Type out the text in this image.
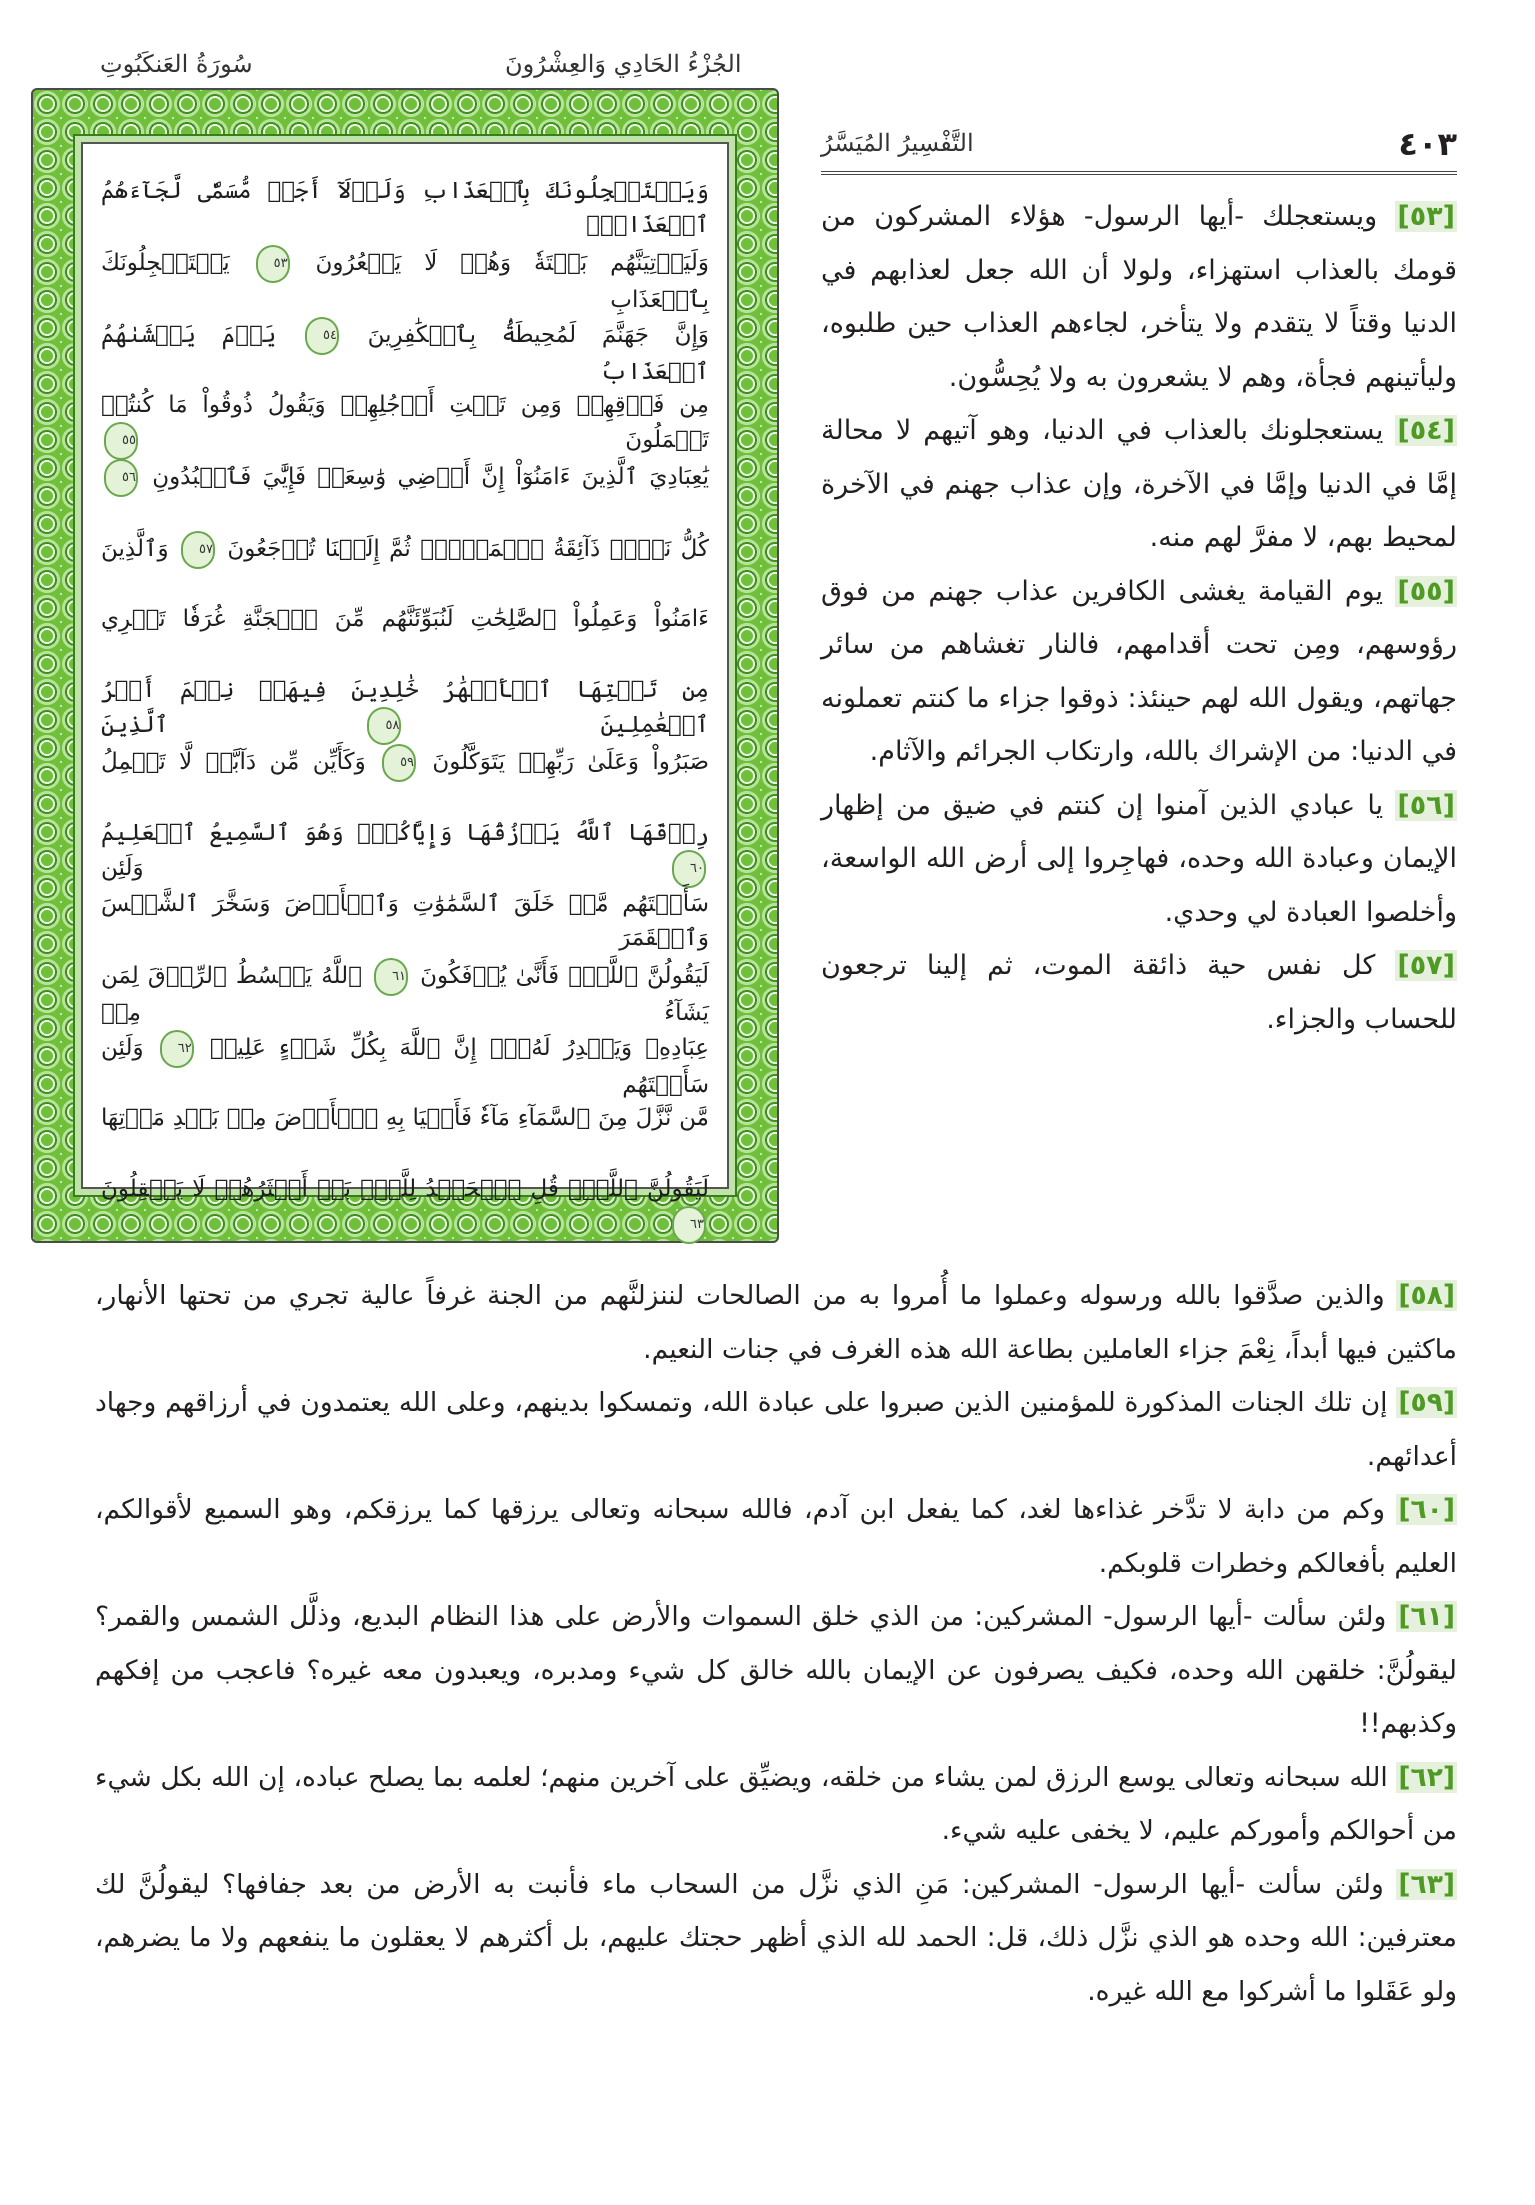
الجُزْءُ الحَادِي وَالعِشْرُونَ
سُورَةُ العَنكَبُوتِ
وَيَسۡتَعۡجِلُونَكَ بِٱلۡعَذَابِ وَلَوۡلَآ أَجَلٞ مُّسَمّٗى لَّجَآءَهُمُ ٱلۡعَذَابُۚ
وَلَيَأۡتِيَنَّهُم بَغۡتَةٗ وَهُمۡ لَا يَشۡعُرُونَ ٥٣ يَسۡتَعۡجِلُونَكَ بِٱلۡعَذَابِ
وَإِنَّ جَهَنَّمَ لَمُحِيطَةُۢ بِٱلۡكَٰفِرِينَ ٥٤ يَوۡمَ يَغۡشَىٰهُمُ ٱلۡعَذَابُ
مِن فَوۡقِهِمۡ وَمِن تَحۡتِ أَرۡجُلِهِمۡ وَيَقُولُ ذُوقُواْ مَا كُنتُمۡ تَعۡمَلُونَ ٥٥
يَٰعِبَادِيَ ٱلَّذِينَ ءَامَنُوٓاْ إِنَّ أَرۡضِي وَٰسِعَةٞ فَإِيَّٰيَ فَٱعۡبُدُونِ ٥٦
كُلُّ نَفۡسٖ ذَآئِقَةُ ٱلۡمَوۡتِۖ ثُمَّ إِلَيۡنَا تُرۡجَعُونَ ٥٧ وَٱلَّذِينَ
ءَامَنُواْ وَعَمِلُواْ ٱلصَّٰلِحَٰتِ لَنُبَوِّئَنَّهُم مِّنَ ٱلۡجَنَّةِ غُرَفٗا تَجۡرِي
مِن تَحۡتِهَا ٱلۡأَنۡهَٰرُ خَٰلِدِينَ فِيهَاۚ نِعۡمَ أَجۡرُ ٱلۡعَٰمِلِينَ ٥٨ ٱلَّذِينَ
صَبَرُواْ وَعَلَىٰ رَبِّهِمۡ يَتَوَكَّلُونَ ٥٩ وَكَأَيِّن مِّن دَآبَّةٖ لَّا تَحۡمِلُ
رِزۡقَهَا ٱللَّهُ يَرۡزُقُهَا وَإِيَّاكُمۡۚ وَهُوَ ٱلسَّمِيعُ ٱلۡعَلِيمُ ٦٠ وَلَئِن
سَأَلۡتَهُم مَّنۡ خَلَقَ ٱلسَّمَٰوَٰتِ وَٱلۡأَرۡضَ وَسَخَّرَ ٱلشَّمۡسَ وَٱلۡقَمَرَ
لَيَقُولُنَّ ٱللَّهُۖ فَأَنَّىٰ يُؤۡفَكُونَ ٦١ ٱللَّهُ يَبۡسُطُ ٱلرِّزۡقَ لِمَن يَشَآءُ مِنۡ
عِبَادِهِۦ وَيَقۡدِرُ لَهُۥٓۚ إِنَّ ٱللَّهَ بِكُلِّ شَيۡءٍ عَلِيمٞ ٦٢ وَلَئِن سَأَلۡتَهُم
مَّن نَّزَّلَ مِنَ ٱلسَّمَآءِ مَآءٗ فَأَحۡيَا بِهِ ٱلۡأَرۡضَ مِنۢ بَعۡدِ مَوۡتِهَا
لَيَقُولُنَّ ٱللَّهُۚ قُلِ ٱلۡحَمۡدُ لِلَّهِۚ بَلۡ أَكۡثَرُهُمۡ لَا يَعۡقِلُونَ ٦٣
٤٠٣
التَّفْسِيرُ المُيَسَّرُ

[٥٣] ويستعجلك -أيها الرسول- هؤلاء المشركون من قومك بالعذاب استهزاء، ولولا أن الله جعل لعذابهم في الدنيا وقتاً لا يتقدم ولا يتأخر، لجاءهم العذاب حين طلبوه، وليأتينهم فجأة، وهم لا يشعرون به ولا يُحِسُّون.

[٥٤] يستعجلونك بالعذاب في الدنيا، وهو آتيهم لا محالة إمَّا في الدنيا وإمَّا في الآخرة، وإن عذاب جهنم في الآخرة لمحيط بهم، لا مفرَّ لهم منه.

[٥٥] يوم القيامة يغشى الكافرين عذاب جهنم من فوق رؤوسهم، ومِن تحت أقدامهم، فالنار تغشاهم من سائر جهاتهم، ويقول الله لهم حينئذ: ذوقوا جزاء ما كنتم تعملونه في الدنيا: من الإشراك بالله، وارتكاب الجرائم والآثام.

[٥٦] يا عبادي الذين آمنوا إن كنتم في ضيق من إظهار الإيمان وعبادة الله وحده، فهاجِروا إلى أرض الله الواسعة، وأخلصوا العبادة لي وحدي.

[٥٧] كل نفس حية ذائقة الموت، ثم إلينا ترجعون للحساب والجزاء.

[٥٨] والذين صدَّقوا بالله ورسوله وعملوا ما أُمروا به من الصالحات لننزلنَّهم من الجنة غرفاً عالية تجري من تحتها الأنهار، ماكثين فيها أبداً، نِعْمَ جزاء العاملين بطاعة الله هذه الغرف في جنات النعيم.

[٥٩] إن تلك الجنات المذكورة للمؤمنين الذين صبروا على عبادة الله، وتمسكوا بدينهم، وعلى الله يعتمدون في أرزاقهم وجهاد أعدائهم.

[٦٠] وكم من دابة لا تدَّخر غذاءها لغد، كما يفعل ابن آدم، فالله سبحانه وتعالى يرزقها كما يرزقكم، وهو السميع لأقوالكم، العليم بأفعالكم وخطرات قلوبكم.

[٦١] ولئن سألت -أيها الرسول- المشركين: من الذي خلق السموات والأرض على هذا النظام البديع، وذلَّل الشمس والقمر؟ ليقولُنَّ: خلقهن الله وحده، فكيف يصرفون عن الإيمان بالله خالق كل شيء ومدبره، ويعبدون معه غيره؟ فاعجب من إفكهم وكذبهم!!

[٦٢] الله سبحانه وتعالى يوسع الرزق لمن يشاء من خلقه، ويضيِّق على آخرين منهم؛ لعلمه بما يصلح عباده، إن الله بكل شيء من أحوالكم وأموركم عليم، لا يخفى عليه شيء.

[٦٣] ولئن سألت -أيها الرسول- المشركين: مَنِ الذي نزَّل من السحاب ماء فأنبت به الأرض من بعد جفافها؟ ليقولُنَّ لك معترفين: الله وحده هو الذي نزَّل ذلك، قل: الحمد لله الذي أظهر حجتك عليهم، بل أكثرهم لا يعقلون ما ينفعهم ولا ما يضرهم، ولو عَقَلوا ما أشركوا مع الله غيره.
